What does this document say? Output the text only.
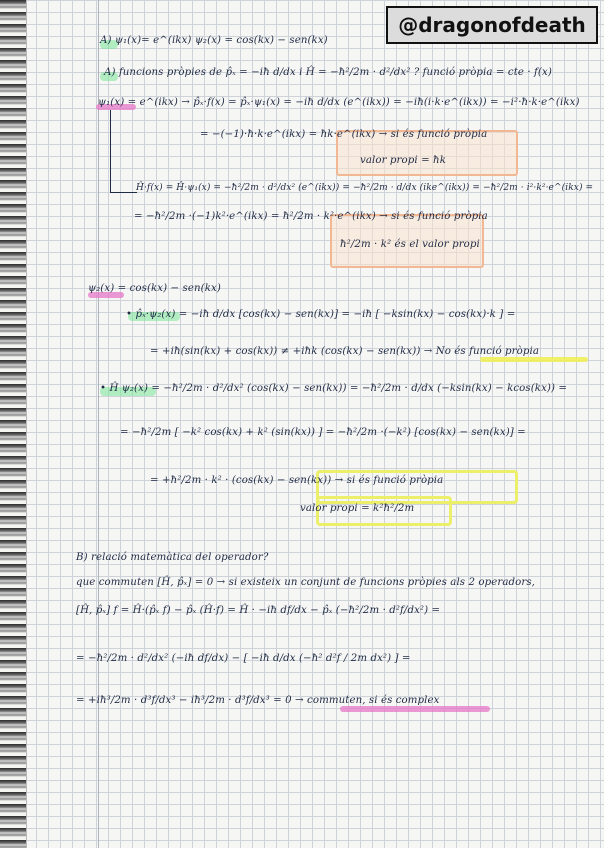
@dragonofdeath
A) ψ₁(x)= e^(ikx) ψ₂(x) = cos(kx) − sen(kx)
A) funcions pròpies de p̂ₓ = −iħ d/dx i Ĥ = −ħ²/2m · d²/dx² ? funció pròpia = cte · f(x)
ψ₁(x) = e^(ikx) → p̂ₓ·f(x) = p̂ₓ·ψ₁(x) = −iħ d/dx (e^(ikx)) = −iħ(i·k·e^(ikx)) = −i²·ħ·k·e^(ikx)
= −(−1)·ħ·k·e^(ikx) = ħk·e^(ikx) → si és funció pròpia
valor propi = ħk
Ĥ·f(x) = Ĥ·ψ₁(x) = −ħ²/2m · d²/dx² (e^(ikx)) = −ħ²/2m · d/dx (ike^(ikx)) = −ħ²/2m · i²·k²·e^(ikx) =
= −ħ²/2m ·(−1)k²·e^(ikx) = ħ²/2m · k²·e^(ikx) → si és funció pròpia
ħ²/2m · k² és el valor propi
ψ₂(x) = cos(kx) − sen(kx)
• p̂ₓ·ψ₂(x) = −iħ d/dx [cos(kx) − sen(kx)] = −iħ [ −ksin(kx) − cos(kx)·k ] =
= +iħ(sin(kx) + cos(kx)) ≠ +iħk (cos(kx) − sen(kx)) → No és funció pròpia
• Ĥ ψ₂(x) = −ħ²/2m · d²/dx² (cos(kx) − sen(kx)) = −ħ²/2m · d/dx (−ksin(kx) − kcos(kx)) =
= −ħ²/2m [ −k² cos(kx) + k² (sin(kx)) ] = −ħ²/2m ·(−k²) [cos(kx) − sen(kx)] =
= +ħ²/2m · k² · (cos(kx) − sen(kx)) → si és funció pròpia
valor propi = k²ħ²/2m
B) relació matemàtica del operador?
que commuten [Ĥ, p̂ₓ] = 0 → si existeix un conjunt de funcions pròpies als 2 operadors,
[Ĥ, p̂ₓ] f = Ĥ·(p̂ₓ f) − p̂ₓ (Ĥ·f) = Ĥ · −iħ df/dx − p̂ₓ (−ħ²/2m · d²f/dx²) =
= −ħ²/2m · d²/dx² (−iħ df/dx) − [ −iħ d/dx (−ħ² d²f / 2m dx²) ] =
= +iħ³/2m · d³f/dx³ − iħ³/2m · d³f/dx³ = 0 → commuten, si és complex
